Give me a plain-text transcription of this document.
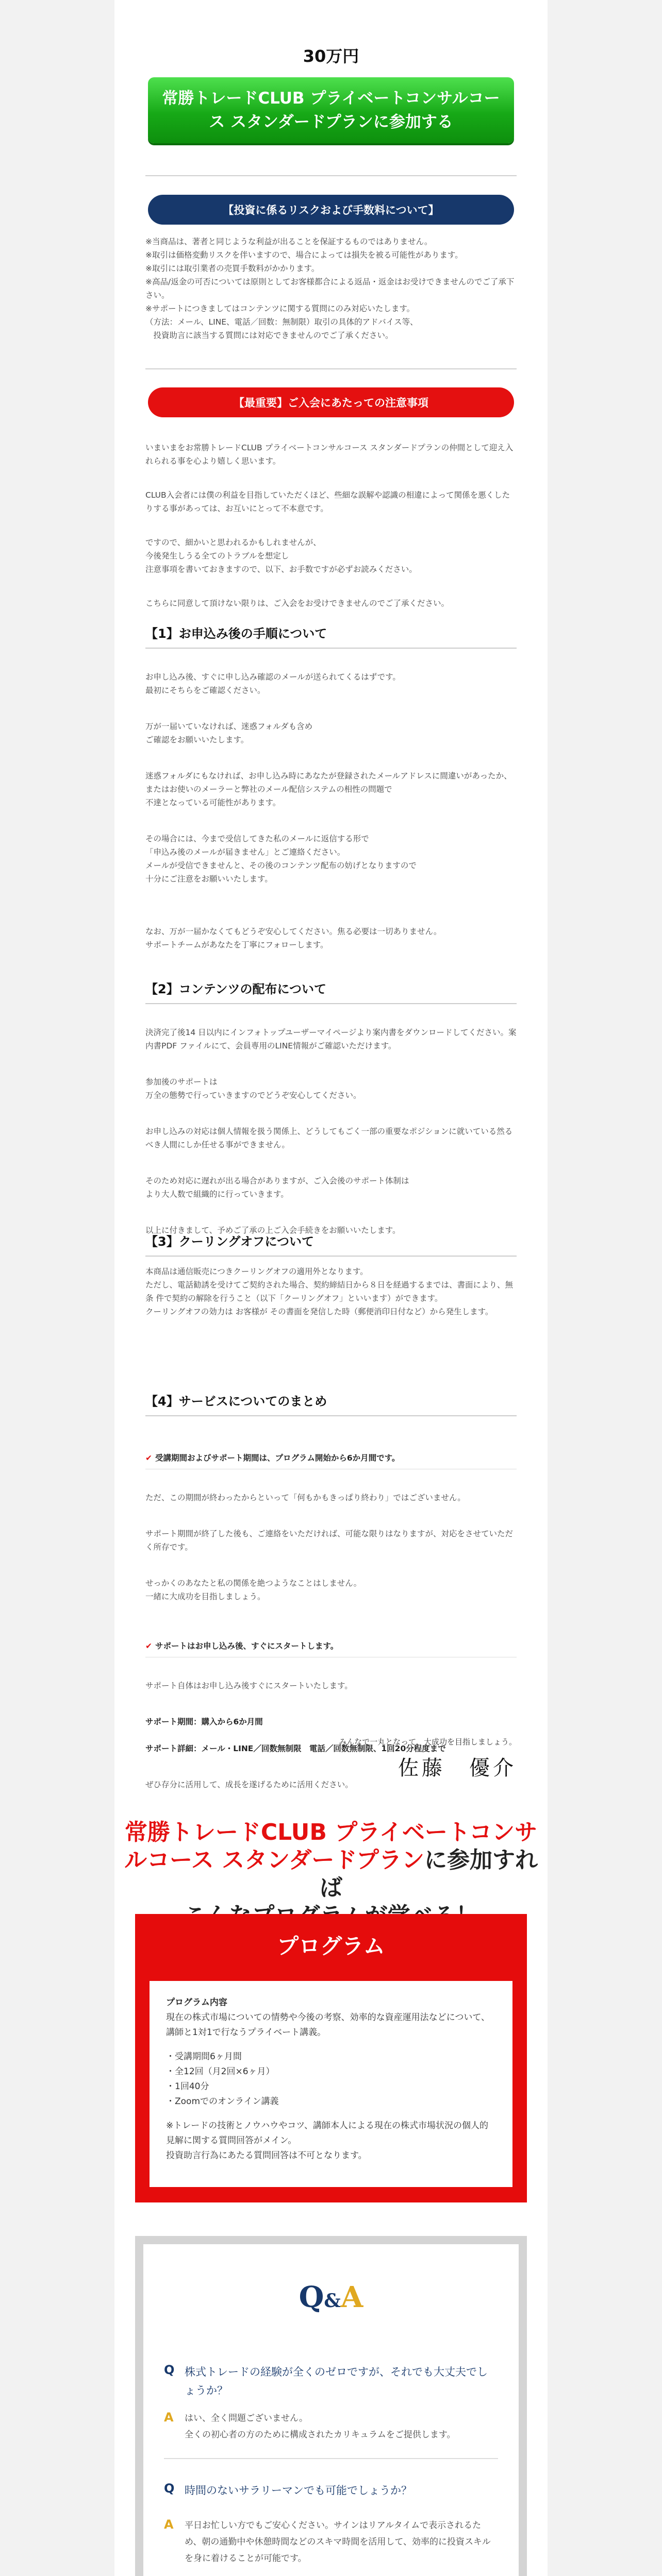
30万円
常勝トレードCLUB プライベートコンサルコース スタンダードプランに参加する
【投資に係るリスクおよび手数料について】
※当商品は、著者と同じような利益が出ることを保証するものではありません。
※取引は価格変動リスクを伴いますので、場合によっては損失を被る可能性があります。
※取引には取引業者の売買手数料がかかります。
※高品/返金の可否については原則としてお客様都合による返品・返金はお受けできませんのでご了承下さい。
※サポートにつきましてはコンテンツに関する質問にのみ対応いたします。
（方法：メール、LINE、電話／回数：無制限）取引の具体的アドバイス等、
　投資助言に該当する質問には対応できませんのでご了承ください。
【最重要】ご入会にあたっての注意事項

いまいまをお常勝トレードCLUB プライベートコンサルコース スタンダードプランの仲間として迎え入れられる事を心より嬉しく思います。

CLUB入会者には僕の利益を目指していただくほど、些細な誤解や認識の相違によって関係を悪くしたりする事があっては、お互いにとって不本意です。

ですので、細かいと思われるかもしれませんが、
今後発生しうる全てのトラブルを想定し
注意事項を書いておきますので、以下、お手数ですが必ずお読みください。

こちらに同意して頂けない限りは、ご入会をお受けできませんのでご了承ください。

【1】お申込み後の手順について

お申し込み後、すぐに申し込み確認のメールが送られてくるはずです。
最初にそちらをご確認ください。

万が一届いていなければ、迷惑フォルダも含め
ご確認をお願いいたします。

迷惑フォルダにもなければ、お申し込み時にあなたが登録されたメールアドレスに間違いがあったか、
またはお使いのメーラーと弊社のメール配信システムの相性の問題で
不達となっている可能性があります。

その場合には、今まで受信してきた私のメールに返信する形で
「申込み後のメールが届きません」とご連絡ください。
メールが受信できませんと、その後のコンテンツ配布の妨げとなりますので
十分にご注意をお願いいたします。

なお、万が一届かなくてもどうぞ安心してください。焦る必要は一切ありません。
サポートチームがあなたを丁寧にフォローします。

【2】コンテンツの配布について

決済完了後14 日以内にインフォトップユーザーマイページより案内書をダウンロードしてください。案内書PDF ファイルにて、会員専用のLINE情報がご確認いただけます。

参加後のサポートは
万全の態勢で行っていきますのでどうぞ安心してください。

お申し込みの対応は個人情報を扱う関係上、どうしてもごく一部の重要なポジションに就いている然るべき人間にしか任せる事ができません。

そのため対応に遅れが出る場合がありますが、ご入会後のサポート体制は
より大人数で組織的に行っていきます。

以上に付きまして、予めご了承の上ご入会手続きをお願いいたします。

【3】クーリングオフについて
本商品は通信販売につきクーリングオフの適用外となります。
ただし、電話勧誘を受けてご契約された場合、契約締結日から８日を経過するまでは、書面により、無条 件で契約の解除を行うこと（以下「クーリングオフ」といいます）ができます。
クーリングオフの効力は お客様が その書面を発信した時（郵便消印日付など）から発生します。
【4】サービスについてのまとめ

✔ 受講期間およびサポート期間は、プログラム開始から6か月間です。

ただ、この期間が終わったからといって「何もかもきっぱり終わり」ではございません。

サポート期間が終了した後も、ご連絡をいただければ、可能な限りはなりますが、対応をさせていただく所存です。

せっかくのあなたと私の関係を絶つようなことはしません。
一緒に大成功を目指しましょう。

✔ サポートはお申し込み後、すぐにスタートします。

サポート自体はお申し込み後すぐにスタートいたします。

サポート期間：購入から6か月間

サポート詳細：メール・LINE／回数無制限　電話／回数無制限、1回20分程度まで

ぜひ存分に活用して、成長を遂げるために活用ください。

みんなで一丸となって、大成功を目指しましょう。
佐藤　優介
常勝トレードCLUB プライベートコンサルコース スタンダードプランに参加すれば

プログラム
プログラム内容
現在の株式市場についての情勢や今後の考察、効率的な資産運用法などについて、講師と1対1で行なうプライベート講義。
・受講期間6ヶ月間
・全12回（月2回×6ヶ月）
・1回40分
・Zoomでのオンライン講義
※トレードの技術とノウハウやコツ、講師本人による現在の株式市場状況の個人的見解に関する質問回答がメイン。
投資助言行為にあたる質問回答は不可となります。
Q&A
Q 株式トレードの経験が全くのゼロですが、それでも大丈夫でしょうか？
A はい、全く問題ございません。
全くの初心者の方のために構成されたカリキュラムをご提供します。
Q 時間のないサラリーマンでも可能でしょうか？
A 平日お忙しい方でもご安心ください。サインはリアルタイムで表示されるため、朝の通勤中や休憩時間などのスキマ時間を活用して、効率的に投資スキルを身に着けることが可能です。
